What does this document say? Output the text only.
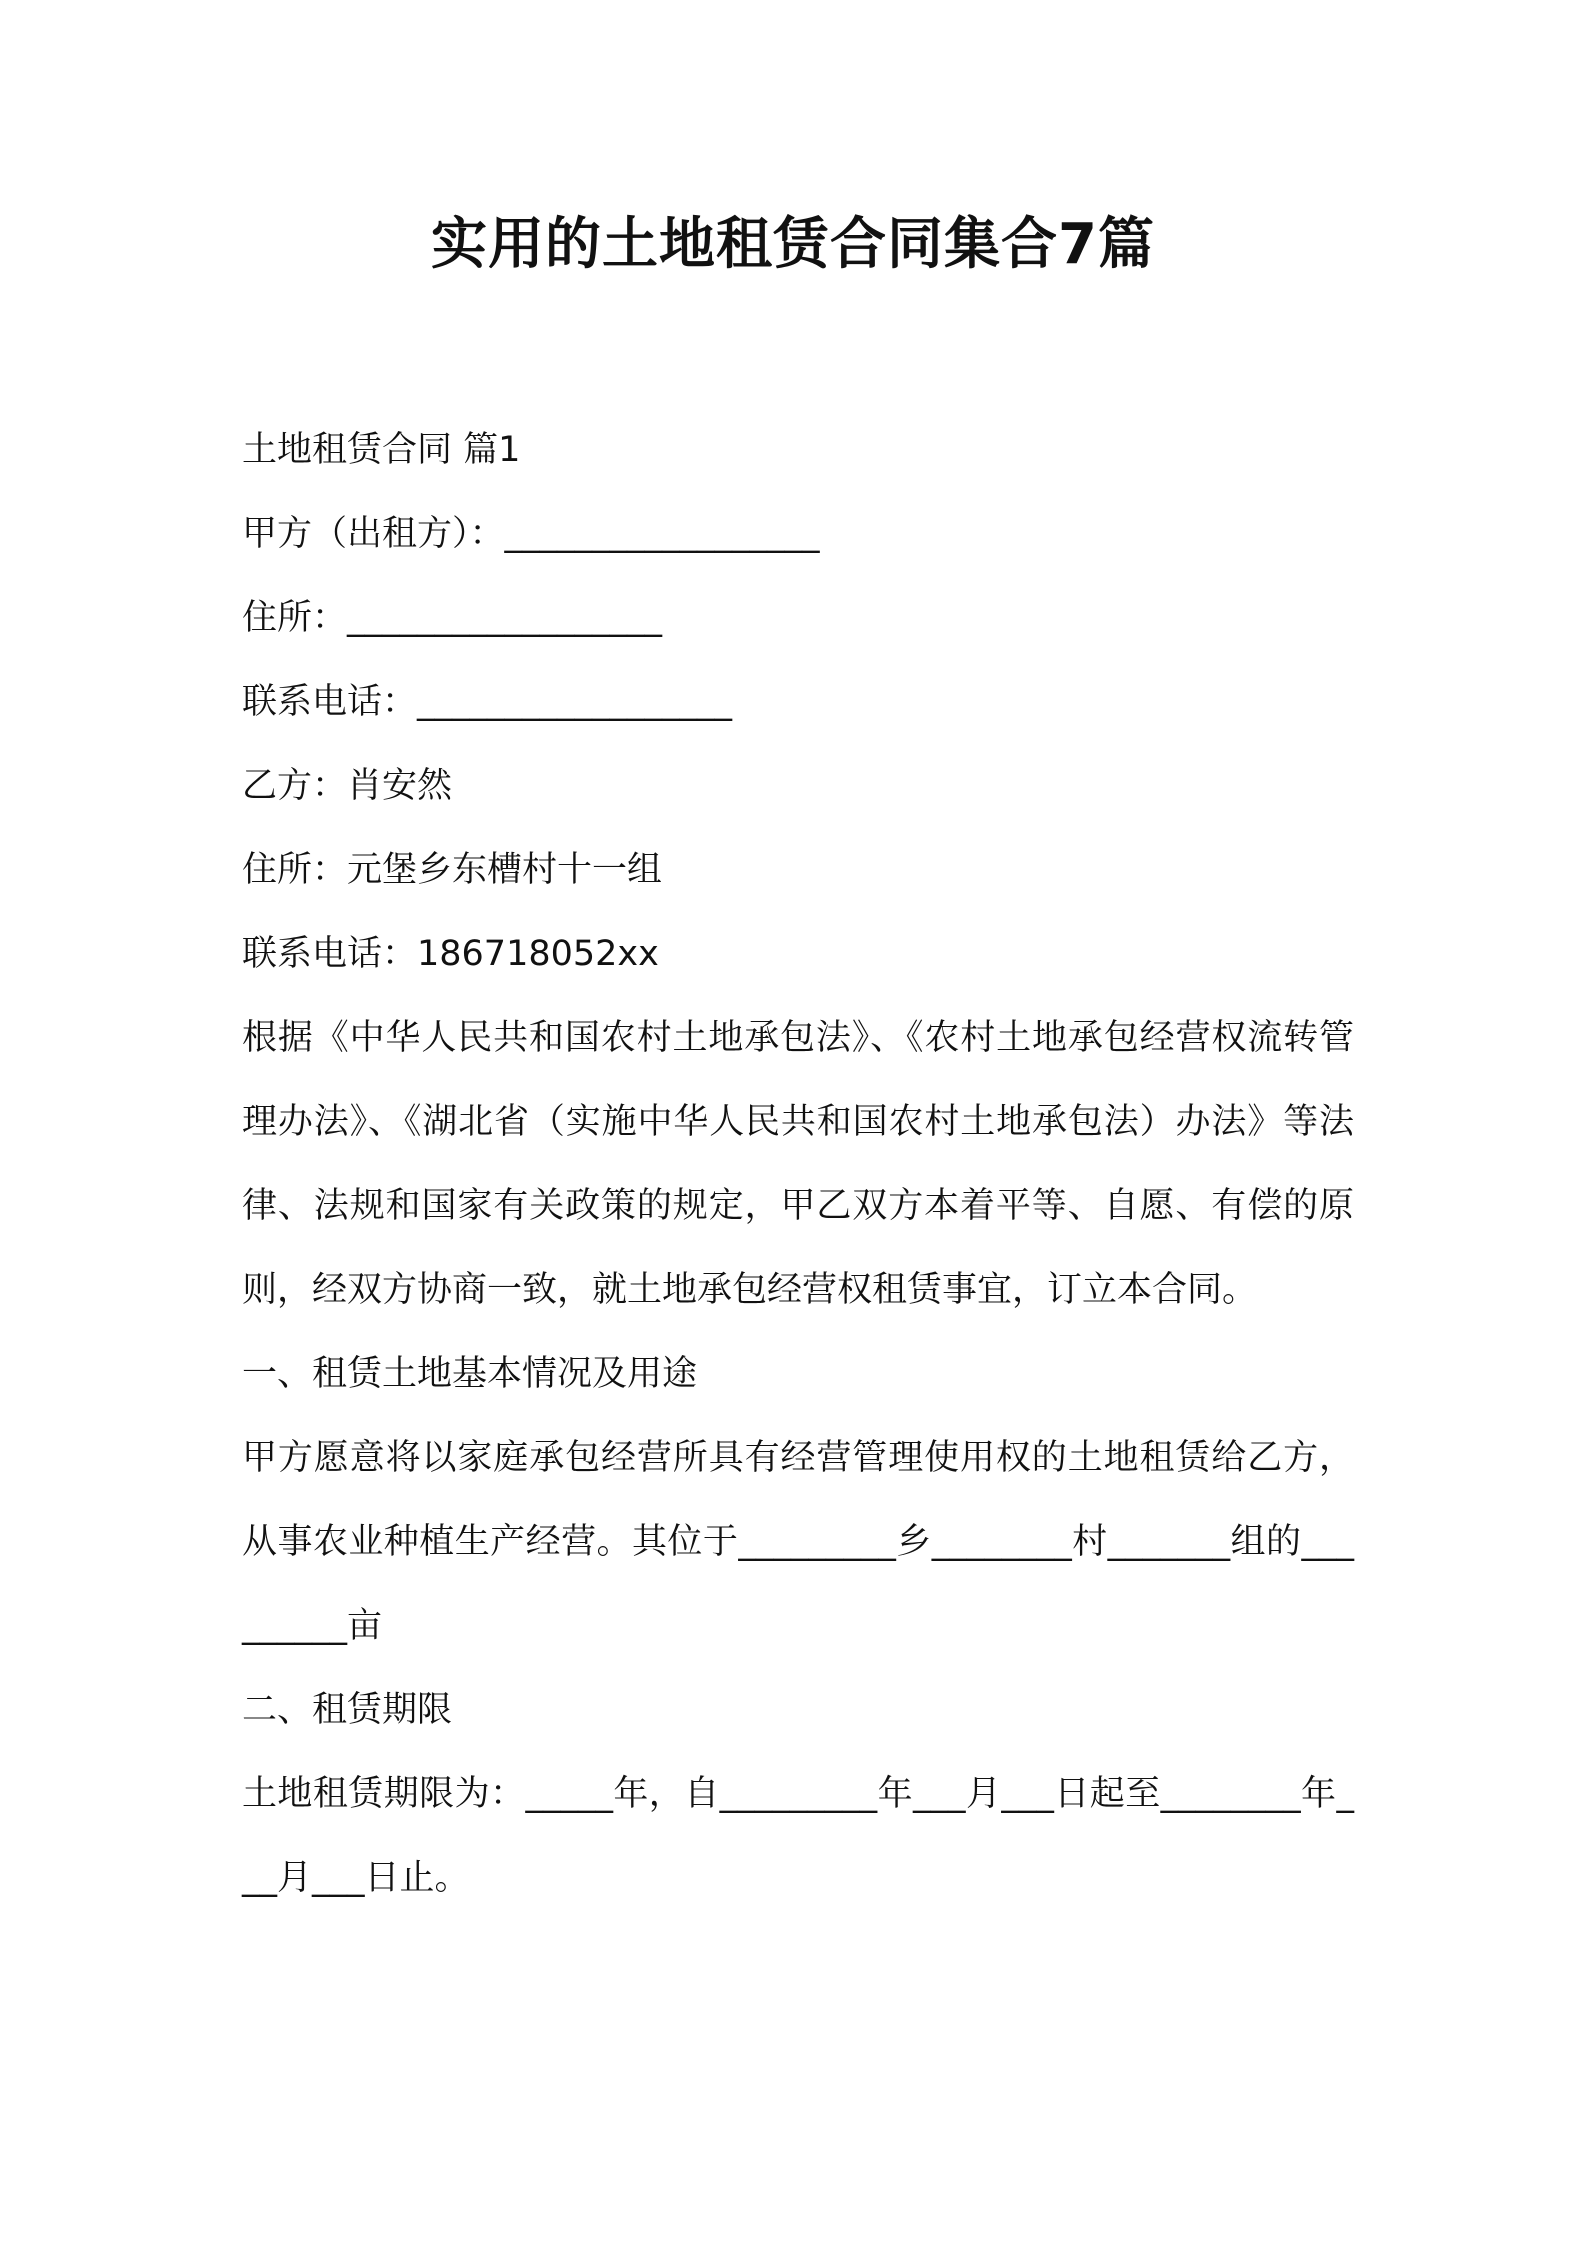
实用的土地租赁合同集合7篇

土地租赁合同 篇1

甲方（出租方）：__________________

住所：__________________

联系电话：__________________

乙方：肖安然

住所：元堡乡东槽村十一组

联系电话：186718052xx

根据《中华人民共和国农村土地承包法》、《农村土地承包经营权流转管理办法》、《湖北省（实施中华人民共和国农村土地承包法）办法》等法律、法规和国家有关政策的规定，甲乙双方本着平等、自愿、有偿的原则，经双方协商一致，就土地承包经营权租赁事宜，订立本合同。

一、租赁土地基本情况及用途

甲方愿意将以家庭承包经营所具有经营管理使用权的土地租赁给乙方，从事农业种植生产经营。其位于_________乡________村_______组的_________亩

二、租赁期限

土地租赁期限为：_____年，自_________年___月___日起至________年___月___日止。
